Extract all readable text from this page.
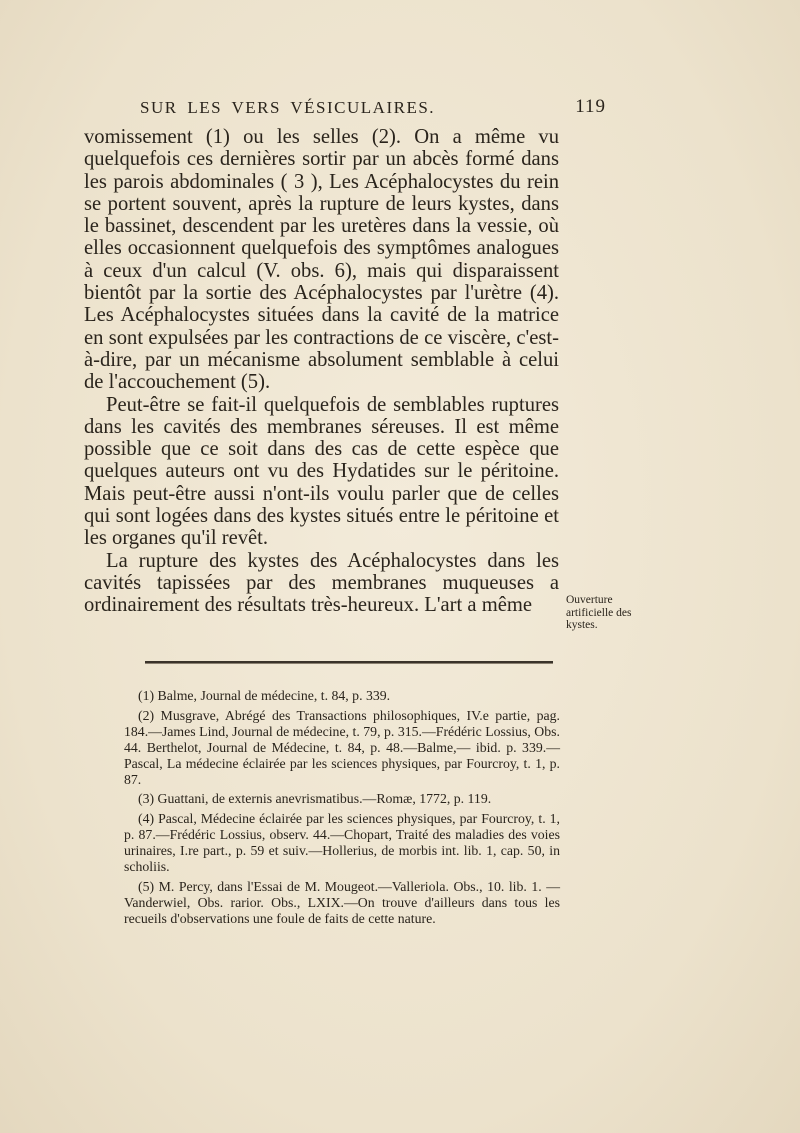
SUR LES VERS VÉSICULAIRES.	119

vomissement (1) ou les selles (2). On a même vu quelquefois ces dernières sortir par un abcès formé dans les parois abdominales ( 3 ), Les Acéphalocystes du rein se portent souvent, après la rupture de leurs kystes, dans le bassinet, descendent par les uretères dans la vessie, où elles occasionnent quelquefois des symptômes analogues à ceux d'un calcul (V. obs. 6), mais qui disparaissent bientôt par la sortie des Acéphalocystes par l'urètre (4). Les Acéphalocystes situées dans la cavité de la matrice en sont expulsées par les contractions de ce viscère, c'est-à-dire, par un mécanisme absolument semblable à celui de l'accouchement (5).

Peut-être se fait-il quelquefois de semblables ruptures dans les cavités des membranes séreuses. Il est même possible que ce soit dans des cas de cette espèce que quelques auteurs ont vu des Hydatides sur le péritoine. Mais peut-être aussi n'ont-ils voulu parler que de celles qui sont logées dans des kystes situés entre le péritoine et les organes qu'il revêt.

La rupture des kystes des Acéphalocystes dans les cavités tapissées par des membranes muqueuses a ordinairement des résultats très-heureux. L'art a même	Ouverture artificielle des kystes.

(1) Balme, Journal de médecine, t. 84, p. 339.

(2) Musgrave, Abrégé des Transactions philosophiques, IV.e partie, pag. 184.—James Lind, Journal de médecine, t. 79, p. 315.—Frédéric Lossius, Obs. 44. Berthelot, Journal de Médecine, t. 84, p. 48.—Balme,— ibid. p. 339.—Pascal, La médecine éclairée par les sciences physiques, par Fourcroy, t. 1, p. 87.

(3) Guattani, de externis anevrismatibus.—Romæ, 1772, p. 119.

(4) Pascal, Médecine éclairée par les sciences physiques, par Fourcroy, t. 1, p. 87.—Frédéric Lossius, observ. 44.—Chopart, Traité des maladies des voies urinaires, I.re part., p. 59 et suiv.—Hollerius, de morbis int. lib. 1, cap. 50, in scholiis.

(5) M. Percy, dans l'Essai de M. Mougeot.—Valleriola. Obs., 10. lib. 1. —Vanderwiel, Obs. rarior. Obs., LXIX.—On trouve d'ailleurs dans tous les recueils d'observations une foule de faits de cette nature.
